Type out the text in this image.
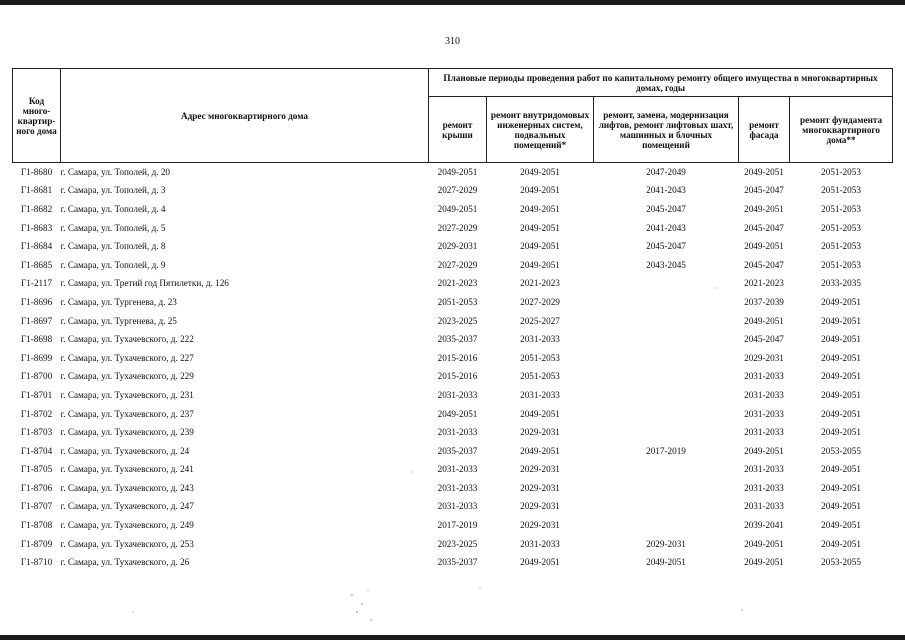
310
Код много-квартир-ного дома	Адрес многоквартирного дома	Плановые периоды проведения работ по капитальному ремонту общего имущества в многоквартирных домах, годы				
		ремонт крыши	ремонт внутридомовых инженерных систем, подвальных помещений*	ремонт, замена, модернизация лифтов, ремонт лифтовых шахт, машинных и блочных помещений	ремонт фасада	ремонт фундамента многоквартирного дома**
Г1-8680	г. Самара, ул. Тополей, д. 20	2049-2051	2049-2051	2047-2049	2049-2051	2051-2053
Г1-8681	г. Самара, ул. Тополей, д. 3	2027-2029	2049-2051	2041-2043	2045-2047	2051-2053
Г1-8682	г. Самара, ул. Тополей, д. 4	2049-2051	2049-2051	2045-2047	2049-2051	2051-2053
Г1-8683	г. Самара, ул. Тополей, д. 5	2027-2029	2049-2051	2041-2043	2045-2047	2051-2053
Г1-8684	г. Самара, ул. Тополей, д. 8	2029-2031	2049-2051	2045-2047	2049-2051	2051-2053
Г1-8685	г. Самара, ул. Тополей, д. 9	2027-2029	2049-2051	2043-2045	2045-2047	2051-2053
Г1-2117	г. Самара, ул. Третий год Пятилетки, д. 126	2021-2023	2021-2023		2021-2023	2033-2035
Г1-8696	г. Самара, ул. Тургенева, д. 23	2051-2053	2027-2029		2037-2039	2049-2051
Г1-8697	г. Самара, ул. Тургенева, д. 25	2023-2025	2025-2027		2049-2051	2049-2051
Г1-8698	г. Самара, ул. Тухачевского, д. 222	2035-2037	2031-2033		2045-2047	2049-2051
Г1-8699	г. Самара, ул. Тухачевского, д. 227	2015-2016	2051-2053		2029-2031	2049-2051
Г1-8700	г. Самара, ул. Тухачевского, д. 229	2015-2016	2051-2053		2031-2033	2049-2051
Г1-8701	г. Самара, ул. Тухачевского, д. 231	2031-2033	2031-2033		2031-2033	2049-2051
Г1-8702	г. Самара, ул. Тухачевского, д. 237	2049-2051	2049-2051		2031-2033	2049-2051
Г1-8703	г. Самара, ул. Тухачевского, д. 239	2031-2033	2029-2031		2031-2033	2049-2051
Г1-8704	г. Самара, ул. Тухачевского, д. 24	2035-2037	2049-2051	2017-2019	2049-2051	2053-2055
Г1-8705	г. Самара, ул. Тухачевского, д. 241	2031-2033	2029-2031		2031-2033	2049-2051
Г1-8706	г. Самара, ул. Тухачевского, д. 243	2031-2033	2029-2031		2031-2033	2049-2051
Г1-8707	г. Самара, ул. Тухачевского, д. 247	2031-2033	2029-2031		2031-2033	2049-2051
Г1-8708	г. Самара, ул. Тухачевского, д. 249	2017-2019	2029-2031		2039-2041	2049-2051
Г1-8709	г. Самара, ул. Тухачевского, д. 253	2023-2025	2031-2033	2029-2031	2049-2051	2049-2051
Г1-8710	г. Самара, ул. Тухачевского, д. 26	2035-2037	2049-2051	2049-2051	2049-2051	2053-2055
